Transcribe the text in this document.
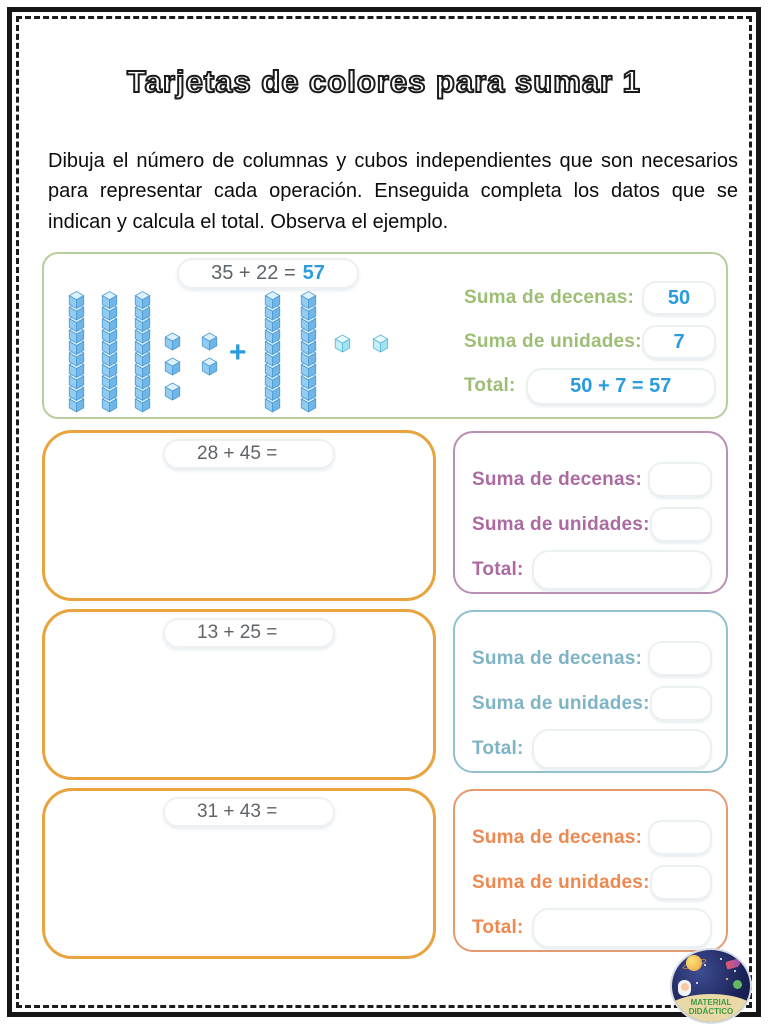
Tarjetas de colores para sumar 1

Dibuja el número de columnas y cubos independientes que son necesarios para representar cada operación. Enseguida completa los datos que se indican y calcula el total. Observa el ejemplo.

35 + 22 = 57
+
Suma de decenas:	50
Suma de unidades:	7
Total:	50 + 7 = 57
28 + 45 =
Suma de decenas:
Suma de unidades:
Total:
13 + 25 =
Suma de decenas:
Suma de unidades:
Total:
31 + 43 =
Suma de decenas:
Suma de unidades:
Total:
MATERIAL
DIDÁCTICO
